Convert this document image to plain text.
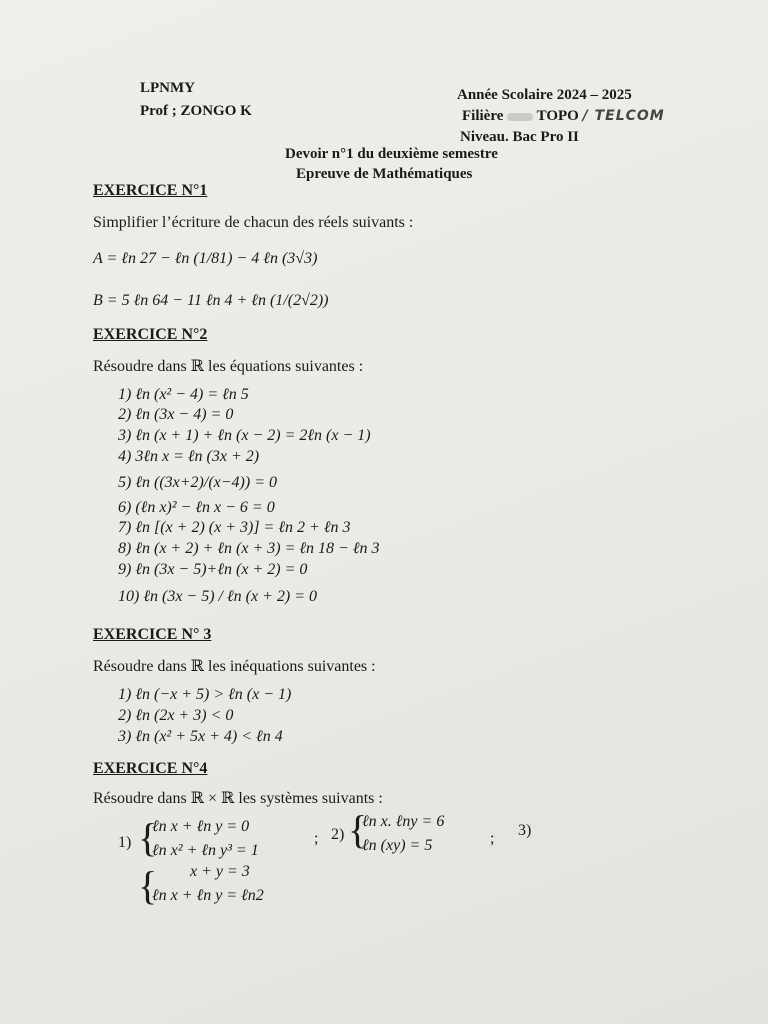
LPNMY
Prof ; ZONGO K
Année Scolaire 2024 – 2025
Filière TOPO / TELCOM
Niveau. Bac Pro II
Devoir n°1 du deuxième semestre
Epreuve de Mathématiques
EXERCICE N°1
Simplifier l’écriture de chacun des réels suivants :
A = ℓn 27 − ℓn (1/81) − 4 ℓn (3√3)
B = 5 ℓn 64 − 11 ℓn 4 + ℓn (1/(2√2))
EXERCICE N°2
Résoudre dans ℝ les équations suivantes :
1) ℓn (x² − 4) = ℓn 5
2) ℓn (3x − 4) = 0
3) ℓn (x + 1) + ℓn (x − 2) = 2ℓn (x − 1)
4) 3ℓn x = ℓn (3x + 2)
5) ℓn ((3x+2)/(x−4)) = 0
6) (ℓn x)² − ℓn x − 6 = 0
7) ℓn [(x + 2) (x + 3)] = ℓn 2 + ℓn 3
8) ℓn (x + 2) + ℓn (x + 3) = ℓn 18 − ℓn 3
9) ℓn (3x − 5)+ℓn (x + 2) = 0
10) ℓn (3x − 5) / ℓn (x + 2) = 0
EXERCICE N° 3
Résoudre dans ℝ les inéquations suivantes :
1) ℓn (−x + 5) > ℓn (x − 1)
2) ℓn (2x + 3) < 0
3) ℓn (x² + 5x + 4) < ℓn 4
EXERCICE N°4
Résoudre dans ℝ × ℝ les systèmes suivants :
1) {
ℓn x + ℓn y = 0
ℓn x² + ℓn y³ = 1
; 2) {
ℓn x. ℓny = 6
ℓn (xy) = 5	; 3)
{ x + y = 3
ℓn x + ℓn y = ℓn2
